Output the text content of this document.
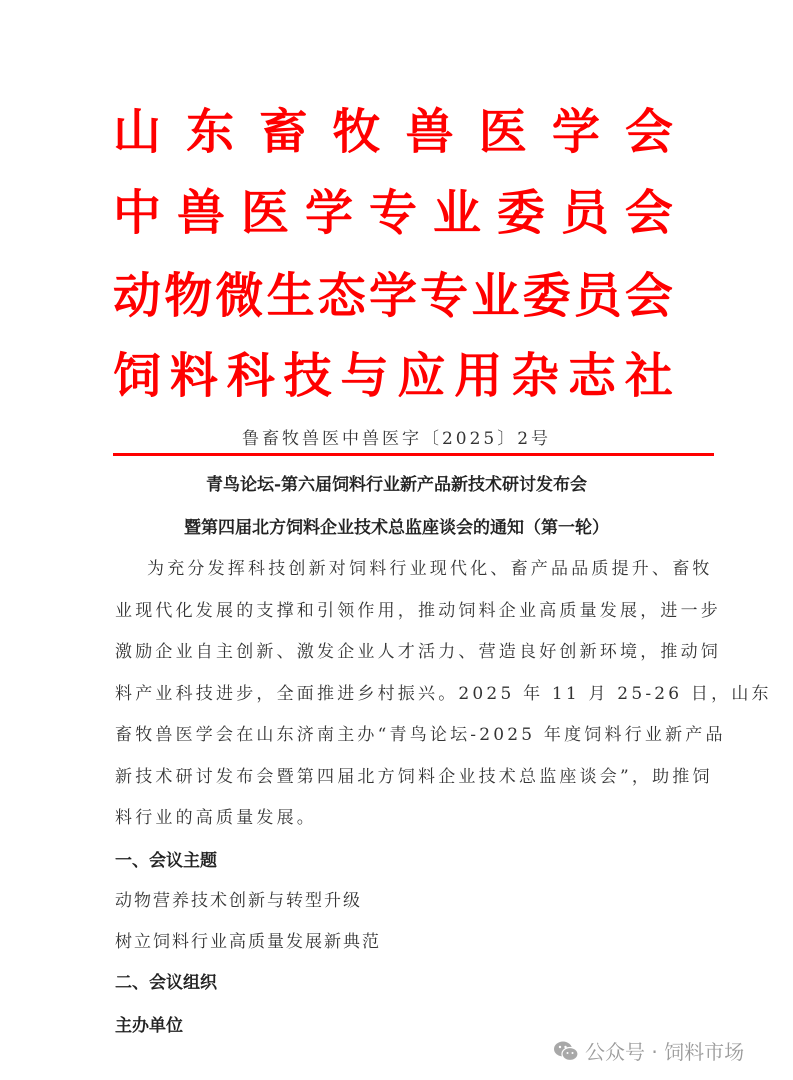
山 东 畜 牧 兽 医 学 会
中 兽 医 学 专 业 委 员 会
动 物 微 生 态 学 专 业 委 员 会
饲 料 科 技 与 应 用 杂 志 社
鲁畜牧兽医中兽医字〔2025〕2号
青鸟论坛-第六届饲料行业新产品新技术研讨发布会
暨第四届北方饲料企业技术总监座谈会的通知（第一轮）
为充分发挥科技创新对饲料行业现代化、畜产品品质提升、畜牧
业现代化发展的支撑和引领作用，推动饲料企业高质量发展，进一步
激励企业自主创新、激发企业人才活力、营造良好创新环境，推动饲
料产业科技进步，全面推进乡村振兴。2025 年 11 月 25-26 日，山东
畜牧兽医学会在山东济南主办“青鸟论坛-2025 年度饲料行业新产品
新技术研讨发布会暨第四届北方饲料企业技术总监座谈会”，助推饲
料行业的高质量发展。
一、会议主题
动物营养技术创新与转型升级
树立饲料行业高质量发展新典范
二、会议组织
主办单位
公众号 · 饲料市场
